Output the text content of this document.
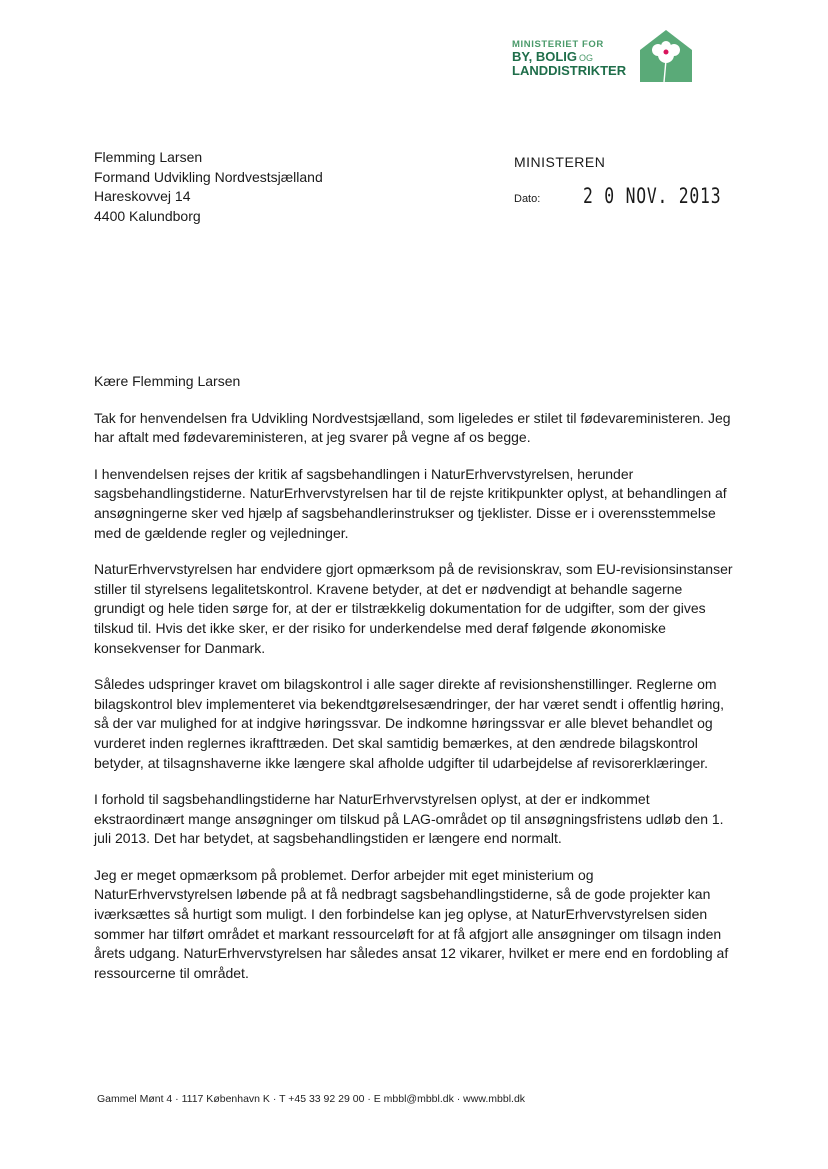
MINISTERIET FOR
BY, BOLIG OG
LANDDISTRIKTER
Flemming Larsen
Formand Udvikling Nordvestsjælland
Hareskovvej 14
4400 Kalundborg
MINISTEREN
Dato: 2 0 NOV. 2013

Kære Flemming Larsen

Tak for henvendelsen fra Udvikling Nordvestsjælland, som ligeledes er stilet til fødevareministeren. Jeg har aftalt med fødevareministeren, at jeg svarer på vegne af os begge.

I henvendelsen rejses der kritik af sagsbehandlingen i NaturErhvervstyrelsen, herunder sagsbehandlingstiderne. NaturErhvervstyrelsen har til de rejste kritikpunkter oplyst, at behandlingen af ansøgningerne sker ved hjælp af sagsbehandlerinstrukser og tjeklister. Disse er i overensstemmelse med de gældende regler og vejledninger.

NaturErhvervstyrelsen har endvidere gjort opmærksom på de revisionskrav, som EU-revisionsinstanser stiller til styrelsens legalitetskontrol. Kravene betyder, at det er nødvendigt at behandle sagerne grundigt og hele tiden sørge for, at der er tilstrækkelig dokumentation for de udgifter, som der gives tilskud til. Hvis det ikke sker, er der risiko for underkendelse med deraf følgende økonomiske konsekvenser for Danmark.

Således udspringer kravet om bilagskontrol i alle sager direkte af revisionshenstillinger. Reglerne om bilagskontrol blev implementeret via bekendtgørelsesændringer, der har været sendt i offentlig høring, så der var mulighed for at indgive høringssvar. De indkomne høringssvar er alle blevet behandlet og vurderet inden reglernes ikrafttræden. Det skal samtidig bemærkes, at den ændrede bilagskontrol betyder, at tilsagnshaverne ikke længere skal afholde udgifter til udarbejdelse af revisorerklæringer.

I forhold til sagsbehandlingstiderne har NaturErhvervstyrelsen oplyst, at der er indkommet ekstraordinært mange ansøgninger om tilskud på LAG-området op til ansøgningsfristens udløb den 1. juli 2013. Det har betydet, at sagsbehandlingstiden er længere end normalt.

Jeg er meget opmærksom på problemet. Derfor arbejder mit eget ministerium og NaturErhvervstyrelsen løbende på at få nedbragt sagsbehandlingstiderne, så de gode projekter kan iværksættes så hurtigt som muligt. I den forbindelse kan jeg oplyse, at NaturErhvervstyrelsen siden sommer har tilført området et markant ressourceløft for at få afgjort alle ansøgninger om tilsagn inden årets udgang. NaturErhvervstyrelsen har således ansat 12 vikarer, hvilket er mere end en fordobling af ressourcerne til området.

Gammel Mønt 4 · 1117 København K · T +45 33 92 29 00 · E mbbl@mbbl.dk · www.mbbl.dk
